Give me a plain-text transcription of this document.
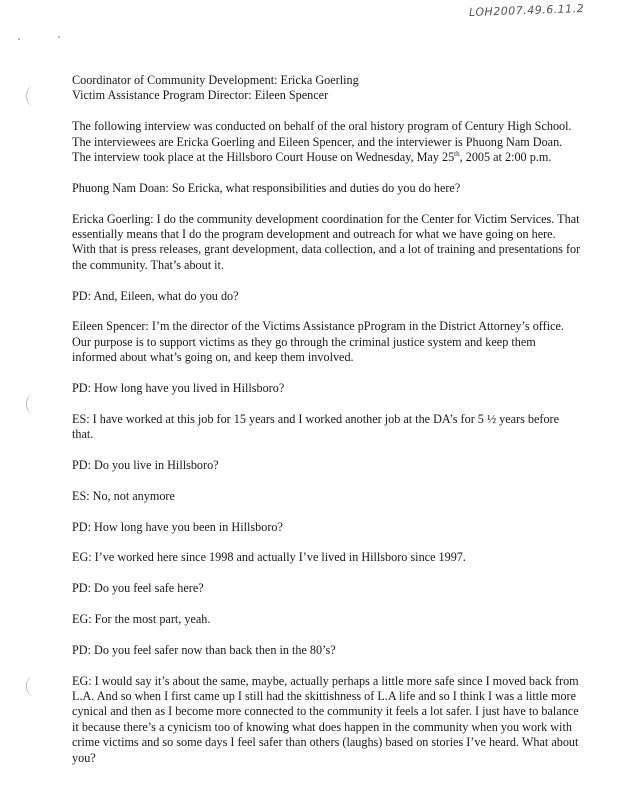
LOH2007.49.6.11.2

Coordinator of Community Development: Ericka Goerling
Victim Assistance Program Director: Eileen Spencer

The following interview was conducted on behalf of the oral history program of Century High School. The interviewees are Ericka Goerling and Eileen Spencer, and the interviewer is Phuong Nam Doan. The interview took place at the Hillsboro Court House on Wednesday, May 25th, 2005 at 2:00 p.m.

Phuong Nam Doan: So Ericka, what responsibilities and duties do you do here?

Ericka Goerling: I do the community development coordination for the Center for Victim Services. That essentially means that I do the program development and outreach for what we have going on here. With that is press releases, grant development, data collection, and a lot of training and presentations for the community. That’s about it.

PD: And, Eileen, what do you do?

Eileen Spencer: I’m the director of the Victims Assistance pProgram in the District Attorney’s office. Our purpose is to support victims as they go through the criminal justice system and keep them informed about what’s going on, and keep them involved.

PD: How long have you lived in Hillsboro?

ES: I have worked at this job for 15 years and I worked another job at the DA’s for 5 ½ years before that.

PD: Do you live in Hillsboro?

ES: No, not anymore

PD: How long have you been in Hillsboro?

EG: I’ve worked here since 1998 and actually I’ve lived in Hillsboro since 1997.

PD: Do you feel safe here?

EG: For the most part, yeah.

PD: Do you feel safer now than back then in the 80’s?

EG: I would say it’s about the same, maybe, actually perhaps a little more safe since I moved back from L.A. And so when I first came up I still had the skittishness of L.A life and so I think I was a little more cynical and then as I become more connected to the community it feels a lot safer. I just have to balance it because there’s a cynicism too of knowing what does happen in the community when you work with crime victims and so some days I feel safer than others (laughs) based on stories I’ve heard. What about you?
